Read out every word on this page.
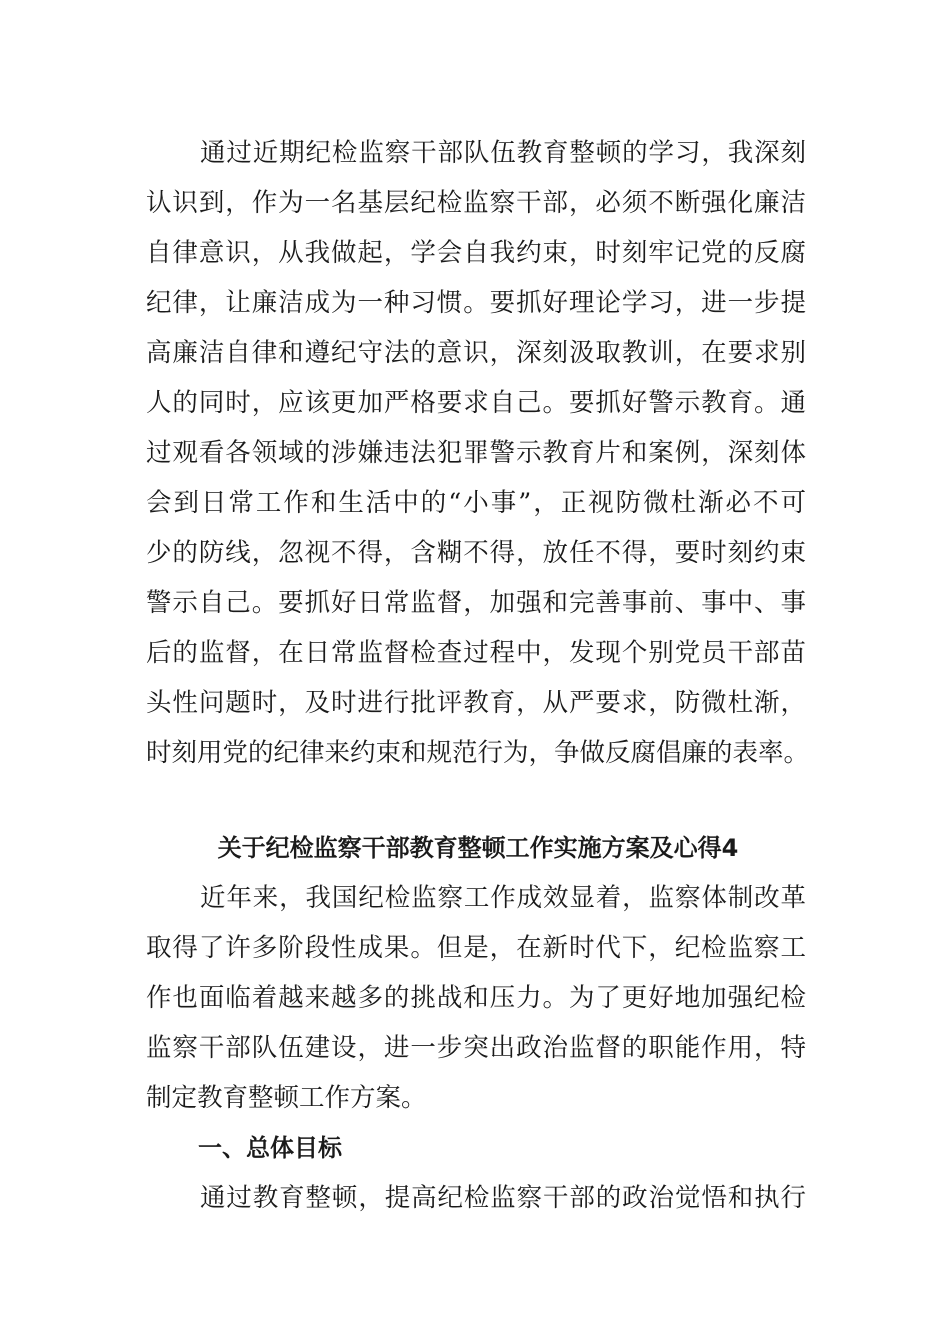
通过近期纪检监察干部队伍教育整顿的学习，我深刻
认识到，作为一名基层纪检监察干部，必须不断强化廉洁
自律意识，从我做起，学会自我约束，时刻牢记党的反腐
纪律，让廉洁成为一种习惯。要抓好理论学习，进一步提
高廉洁自律和遵纪守法的意识，深刻汲取教训，在要求别
人的同时，应该更加严格要求自己。要抓好警示教育。通
过观看各领域的涉嫌违法犯罪警示教育片和案例，深刻体
会到日常工作和生活中的“小事”，正视防微杜渐必不可
少的防线，忽视不得，含糊不得，放任不得，要时刻约束
警示自己。要抓好日常监督，加强和完善事前、事中、事
后的监督，在日常监督检查过程中，发现个别党员干部苗
头性问题时，及时进行批评教育，从严要求，防微杜渐，
时刻用党的纪律来约束和规范行为，争做反腐倡廉的表率。
关于纪检监察干部教育整顿工作实施方案及心得4
近年来，我国纪检监察工作成效显着，监察体制改革
取得了许多阶段性成果。但是，在新时代下，纪检监察工
作也面临着越来越多的挑战和压力。为了更好地加强纪检
监察干部队伍建设，进一步突出政治监督的职能作用，特
制定教育整顿工作方案。
一、总体目标
通过教育整顿，提高纪检监察干部的政治觉悟和执行
